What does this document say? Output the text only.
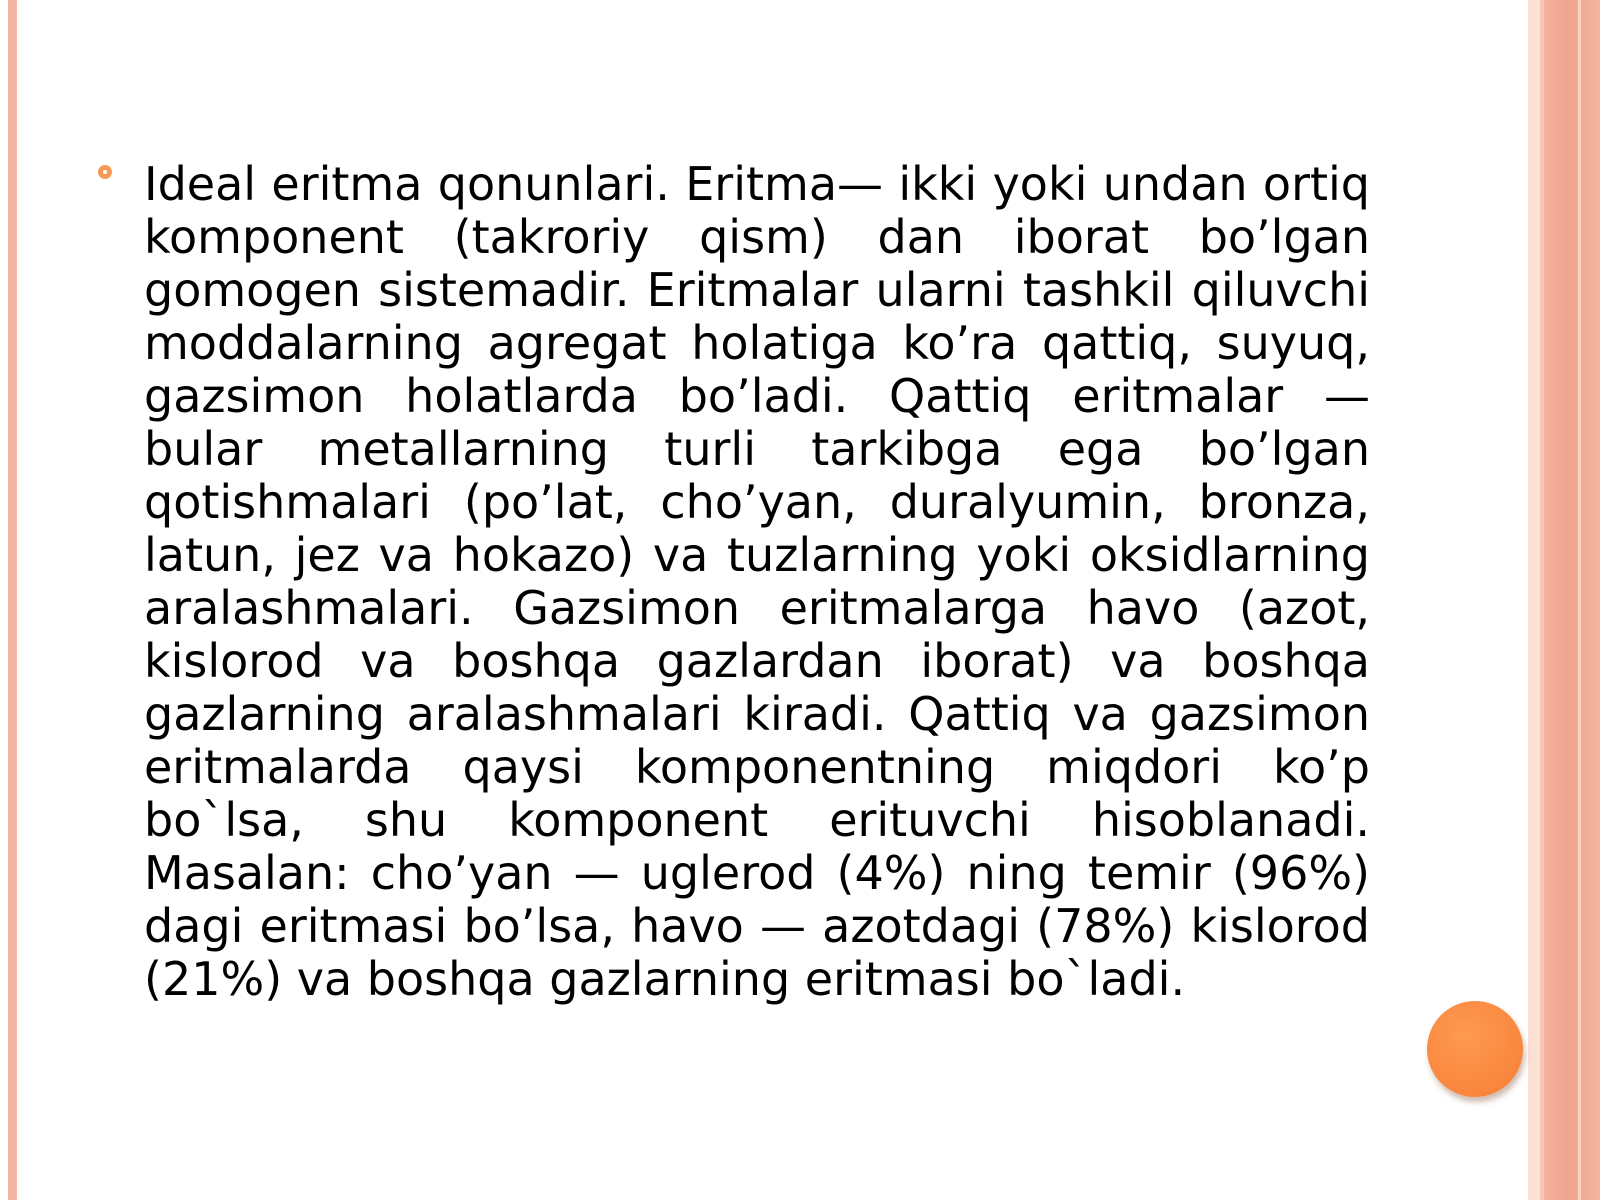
Ideal eritma qonunlari. Eritma— ikki yoki undan ortiq komponent (takroriy qism) dan iborat bo’lgan gomogen sistemadir. Eritmalar ularni tashkil qiluvchi moddalarning agregat holatiga ko’ra qattiq, suyuq, gazsimon holatlarda bo’ladi. Qattiq eritmalar — bular metallarning turli tarkibga ega bo’lgan qotishmalari (po’lat, cho’yan, duralyumin, bronza, latun, jez va hokazo) va tuzlarning yoki oksidlarning aralashmalari. Gazsimon eritmalarga havo (azot, kislorod va boshqa gazlardan iborat) va boshqa gazlarning aralashmalari kiradi. Qattiq va gazsimon eritmalarda qaysi komponentning miqdori ko’p bo`lsa, shu komponent erituvchi hisoblanadi. Masalan: cho’yan — uglerod (4%) ning temir (96%) dagi eritmasi bo’lsa, havo — azotdagi (78%) kislorod (21%) va boshqa gazlarning eritmasi bo`ladi.
